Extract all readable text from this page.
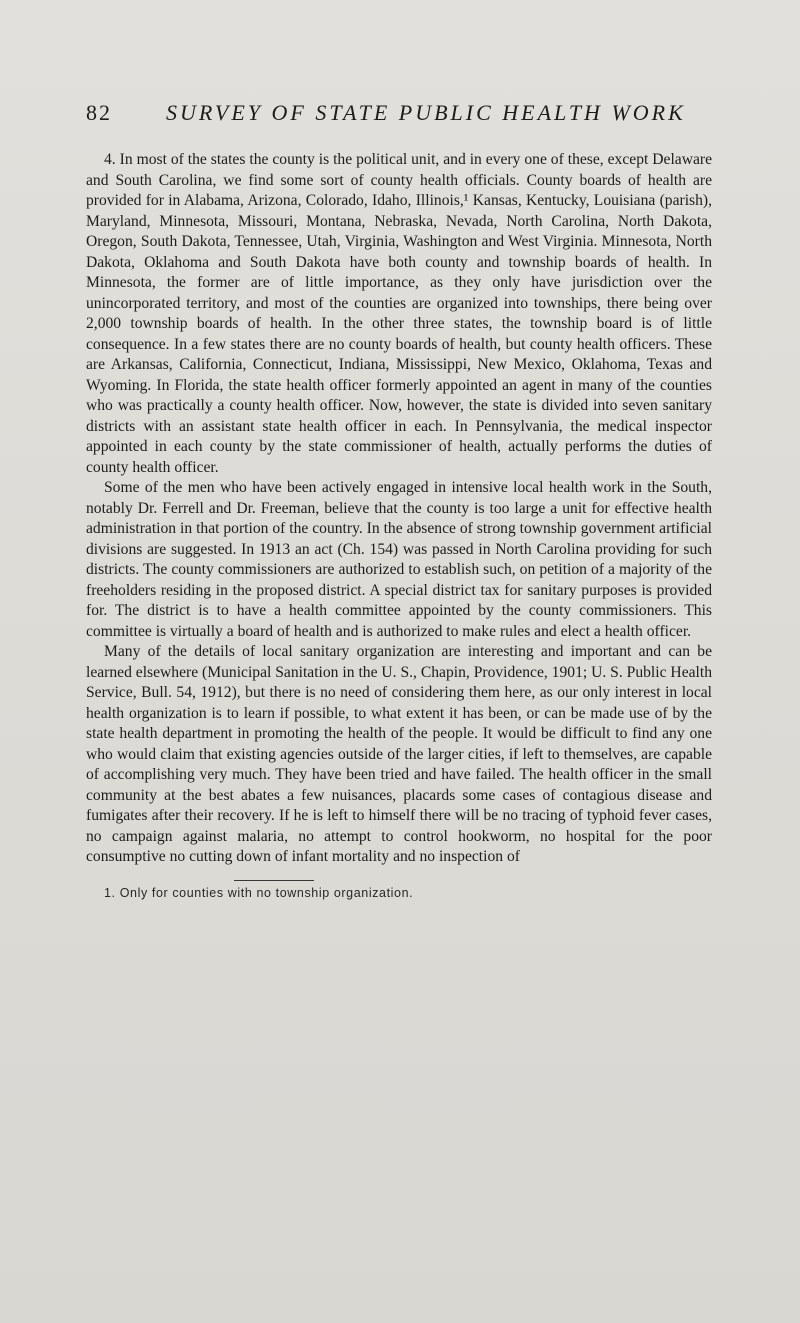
82 SURVEY OF STATE PUBLIC HEALTH WORK

4. In most of the states the county is the political unit, and in every one of these, except Delaware and South Carolina, we find some sort of county health officials. County boards of health are provided for in Alabama, Arizona, Colorado, Idaho, Illinois,¹ Kansas, Kentucky, Louisiana (parish), Maryland, Minnesota, Missouri, Montana, Nebraska, Nevada, North Carolina, North Dakota, Oregon, South Dakota, Tennessee, Utah, Virginia, Washington and West Virginia. Minnesota, North Dakota, Oklahoma and South Dakota have both county and township boards of health. In Minnesota, the former are of little importance, as they only have jurisdiction over the unincorporated territory, and most of the counties are organized into townships, there being over 2,000 township boards of health. In the other three states, the township board is of little consequence. In a few states there are no county boards of health, but county health officers. These are Arkansas, California, Connecticut, Indiana, Mississippi, New Mexico, Oklahoma, Texas and Wyoming. In Florida, the state health officer formerly appointed an agent in many of the counties who was practically a county health officer. Now, however, the state is divided into seven sanitary districts with an assistant state health officer in each. In Pennsylvania, the medical inspector appointed in each county by the state commissioner of health, actually performs the duties of county health officer.

Some of the men who have been actively engaged in intensive local health work in the South, notably Dr. Ferrell and Dr. Freeman, believe that the county is too large a unit for effective health administration in that portion of the country. In the absence of strong township government artificial divisions are suggested. In 1913 an act (Ch. 154) was passed in North Carolina providing for such districts. The county commissioners are authorized to establish such, on petition of a majority of the freeholders residing in the proposed district. A special district tax for sanitary purposes is provided for. The district is to have a health committee appointed by the county commissioners. This committee is virtually a board of health and is authorized to make rules and elect a health officer.

Many of the details of local sanitary organization are interesting and important and can be learned elsewhere (Municipal Sanitation in the U. S., Chapin, Providence, 1901; U. S. Public Health Service, Bull. 54, 1912), but there is no need of considering them here, as our only interest in local health organization is to learn if possible, to what extent it has been, or can be made use of by the state health department in promoting the health of the people. It would be difficult to find any one who would claim that existing agencies outside of the larger cities, if left to themselves, are capable of accomplishing very much. They have been tried and have failed. The health officer in the small community at the best abates a few nuisances, placards some cases of contagious disease and fumigates after their recovery. If he is left to himself there will be no tracing of typhoid fever cases, no campaign against malaria, no attempt to control hookworm, no hospital for the poor consumptive no cutting down of infant mortality and no inspection of

1. Only for counties with no township organization.
